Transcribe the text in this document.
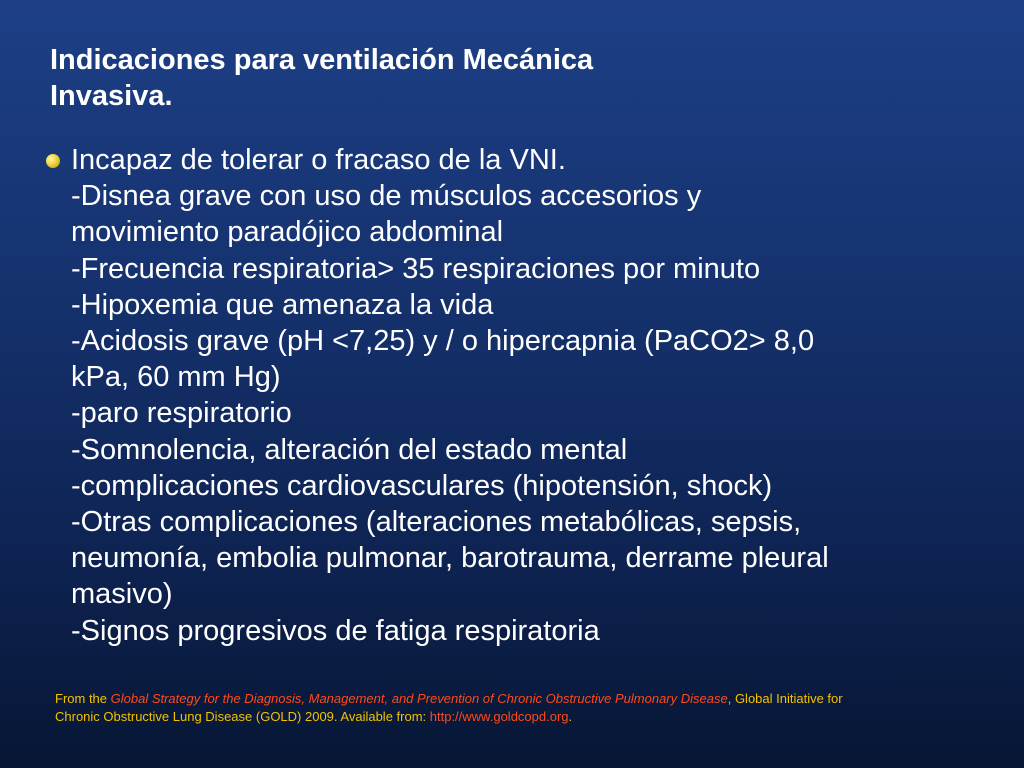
Indicaciones para ventilación Mecánica
Invasiva.
Incapaz de tolerar o fracaso de la VNI.
-Disnea grave con uso de músculos accesorios y
movimiento paradójico abdominal
-Frecuencia respiratoria> 35 respiraciones por minuto
-Hipoxemia que amenaza la vida
-Acidosis grave (pH <7,25) y / o hipercapnia (PaCO2> 8,0
kPa, 60 mm Hg)
-paro respiratorio
-Somnolencia, alteración del estado mental
-complicaciones cardiovasculares (hipotensión, shock)
-Otras complicaciones (alteraciones metabólicas, sepsis,
neumonía, embolia pulmonar, barotrauma, derrame pleural
masivo)
-Signos progresivos de fatiga respiratoria
From the Global Strategy for the Diagnosis, Management, and Prevention of Chronic Obstructive Pulmonary Disease, Global Initiative for
Chronic Obstructive Lung Disease (GOLD) 2009. Available from: http://www.goldcopd.org.
